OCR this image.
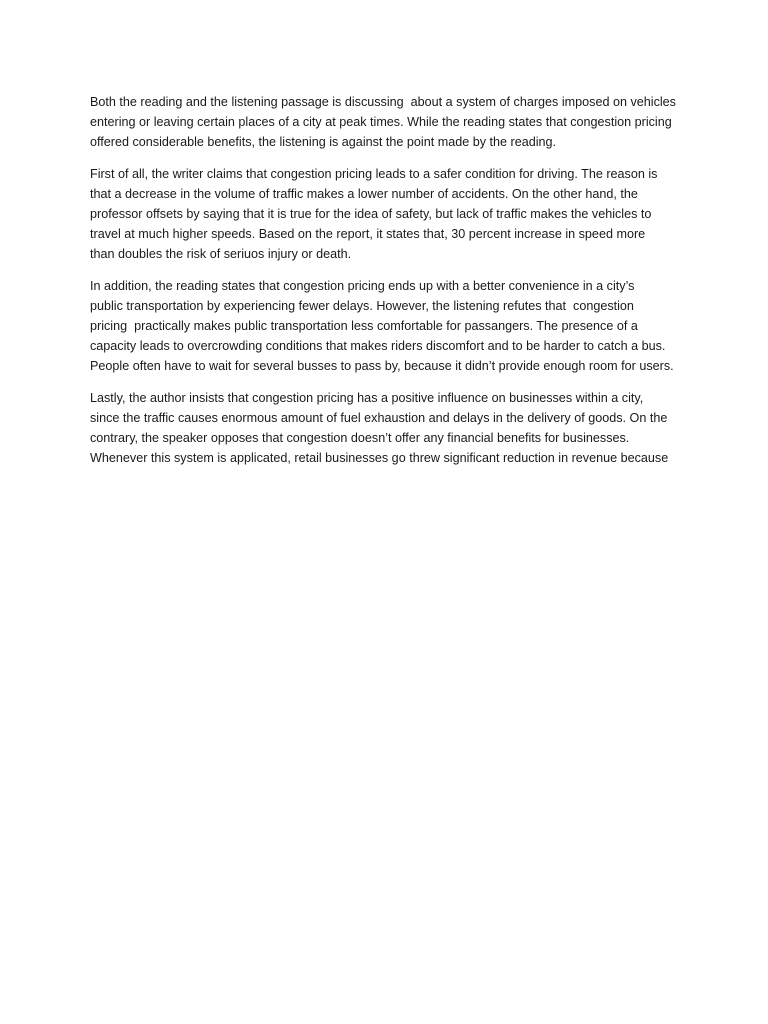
Both the reading and the listening passage is discussing  about a system of charges imposed on vehicles
entering or leaving certain places of a city at peak times. While the reading states that congestion pricing
offered considerable benefits, the listening is against the point made by the reading.

First of all, the writer claims that congestion pricing leads to a safer condition for driving. The reason is
that a decrease in the volume of traffic makes a lower number of accidents. On the other hand, the
professor offsets by saying that it is true for the idea of safety, but lack of traffic makes the vehicles to
travel at much higher speeds. Based on the report, it states that, 30 percent increase in speed more
than doubles the risk of seriuos injury or death.

In addition, the reading states that congestion pricing ends up with a better convenience in a city’s
public transportation by experiencing fewer delays. However, the listening refutes that  congestion
pricing  practically makes public transportation less comfortable for passangers. The presence of a
capacity leads to overcrowding conditions that makes riders discomfort and to be harder to catch a bus.
People often have to wait for several busses to pass by, because it didn’t provide enough room for users.

Lastly, the author insists that congestion pricing has a positive influence on businesses within a city,
since the traffic causes enormous amount of fuel exhaustion and delays in the delivery of goods. On the
contrary, the speaker opposes that congestion doesn’t offer any financial benefits for businesses.
Whenever this system is applicated, retail businesses go threw significant reduction in revenue because
